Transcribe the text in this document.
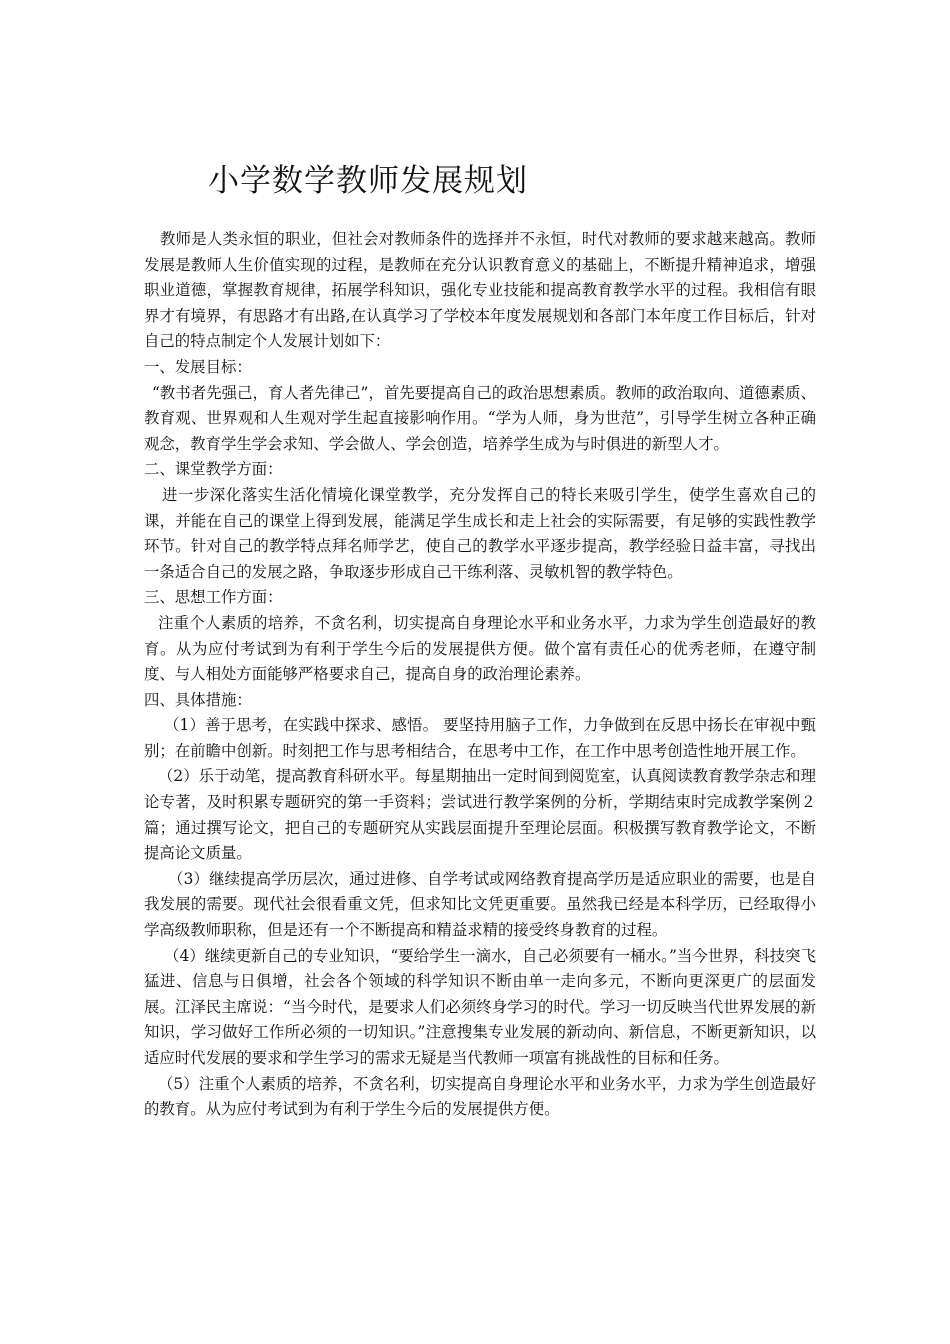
小学数学教师发展规划

教师是人类永恒的职业，但社会对教师条件的选择并不永恒，时代对教师的要求越来越高。教师发展是教师人生价值实现的过程，是教师在充分认识教育意义的基础上，不断提升精神追求，增强职业道德，掌握教育规律，拓展学科知识，强化专业技能和提高教育教学水平的过程。我相信有眼界才有境界，有思路才有出路,在认真学习了学校本年度发展规划和各部门本年度工作目标后，针对自己的特点制定个人发展计划如下：

一、发展目标：

“教书者先强己，育人者先律己”，首先要提高自己的政治思想素质。教师的政治取向、道德素质、教育观、世界观和人生观对学生起直接影响作用。“学为人师，身为世范”，引导学生树立各种正确观念，教育学生学会求知、学会做人、学会创造，培养学生成为与时俱进的新型人才。

二、课堂教学方面：

进一步深化落实生活化情境化课堂教学，充分发挥自己的特长来吸引学生，使学生喜欢自己的课，并能在自己的课堂上得到发展，能满足学生成长和走上社会的实际需要，有足够的实践性教学环节。针对自己的教学特点拜名师学艺，使自己的教学水平逐步提高，教学经验日益丰富，寻找出一条适合自己的发展之路，争取逐步形成自己干练利落、灵敏机智的教学特色。

三、思想工作方面：

注重个人素质的培养，不贪名利，切实提高自身理论水平和业务水平，力求为学生创造最好的教育。从为应付考试到为有利于学生今后的发展提供方便。做个富有责任心的优秀老师，在遵守制度、与人相处方面能够严格要求自己，提高自身的政治理论素养。

四、具体措施：

（1）善于思考，在实践中探求、感悟。 要坚持用脑子工作，力争做到在反思中扬长在审视中甄别；在前瞻中创新。时刻把工作与思考相结合，在思考中工作，在工作中思考创造性地开展工作。

（2）乐于动笔，提高教育科研水平。每星期抽出一定时间到阅览室，认真阅读教育教学杂志和理论专著，及时积累专题研究的第一手资料；尝试进行教学案例的分析，学期结束时完成教学案例２篇；通过撰写论文，把自己的专题研究从实践层面提升至理论层面。积极撰写教育教学论文，不断提高论文质量。

（3）继续提高学历层次，通过进修、自学考试或网络教育提高学历是适应职业的需要，也是自我发展的需要。现代社会很看重文凭，但求知比文凭更重要。虽然我已经是本科学历，已经取得小学高级教师职称，但是还有一个不断提高和精益求精的接受终身教育的过程。

（4）继续更新自己的专业知识，“要给学生一滴水，自己必须要有一桶水。”当今世界，科技突飞猛进、信息与日俱增，社会各个领域的科学知识不断由单一走向多元，不断向更深更广的层面发展。江泽民主席说：“当今时代，是要求人们必须终身学习的时代。学习一切反映当代世界发展的新知识，学习做好工作所必须的一切知识。”注意搜集专业发展的新动向、新信息，不断更新知识，以适应时代发展的要求和学生学习的需求无疑是当代教师一项富有挑战性的目标和任务。

（5）注重个人素质的培养，不贪名利，切实提高自身理论水平和业务水平，力求为学生创造最好的教育。从为应付考试到为有利于学生今后的发展提供方便。
